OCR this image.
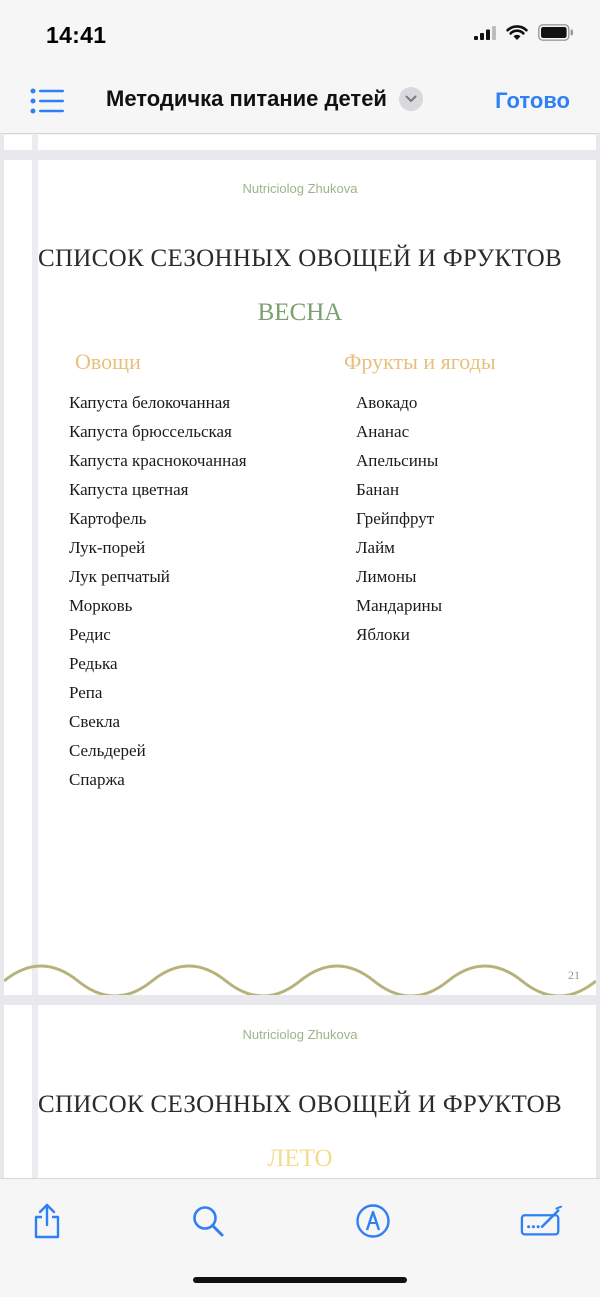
14:41
Методичка питание детей	Готово
Nutriciolog Zhukova
СПИСОК СЕЗОННЫХ ОВОЩЕЙ И ФРУКТОВ
ВЕСНА
Овощи
Капуста белокочанная
Капуста брюссельская
Капуста краснокочанная
Капуста цветная
Картофель
Лук-порей
Лук репчатый
Морковь
Редис
Редька
Репа
Свекла
Сельдерей
Спаржа
Фрукты и ягоды
Авокадо
Ананас
Апельсины
Банан
Грейпфрут
Лайм
Лимоны
Мандарины
Яблоки
21
Nutriciolog Zhukova
СПИСОК СЕЗОННЫХ ОВОЩЕЙ И ФРУКТОВ
ЛЕТО
